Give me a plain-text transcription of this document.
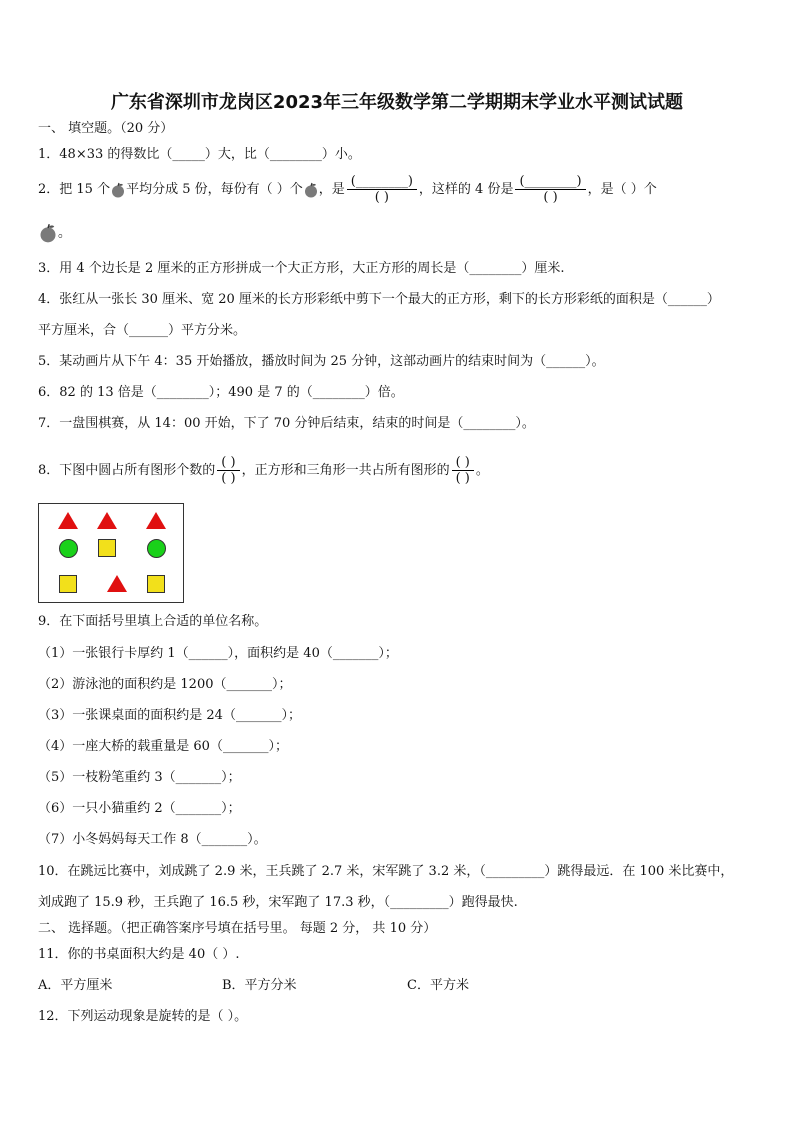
广东省深圳市龙岗区2023年三年级数学第二学期期末学业水平测试试题
一、 填空题。（20 分）
1．48×33 的得数比（_____）大，比（________）小。
2．把 15 个 平均分成 5 份，每份有（ ）个 ，是 $\frac{(\_\_\_\_\_\_\_\_)}{( )}$ ，这样的 4 份是 $\frac{(\_\_\_\_\_\_\_\_)}{( )}$ ，是（ ）个
。
3．用 4 个边长是 2 厘米的正方形拼成一个大正方形，大正方形的周长是（________）厘米.
4．张红从一张长 30 厘米、宽 20 厘米的长方形彩纸中剪下一个最大的正方形，剩下的长方形彩纸的面积是（______）
平方厘米，合（______）平方分米。
5．某动画片从下午 4：35 开始播放，播放时间为 25 分钟，这部动画片的结束时间为（______）。
6．82 的 13 倍是（________）；490 是 7 的（________）倍。
7．一盘围棋赛，从 14：00 开始，下了 70 分钟后结束，结束的时间是（________）。
8．下图中圆占所有图形个数的 $\frac{( )}{( )}$ ，正方形和三角形一共占所有图形的 $\frac{( )}{( )}$ 。
9．在下面括号里填上合适的单位名称。
（1）一张银行卡厚约 1（______），面积约是 40（_______）；
（2）游泳池的面积约是 1200（_______）；
（3）一张课桌面的面积约是 24（_______）；
（4）一座大桥的载重量是 60（_______）；
（5）一枝粉笔重约 3（_______）；
（6）一只小猫重约 2（_______）；
（7）小冬妈妈每天工作 8（_______）。
10．在跳远比赛中，刘成跳了 2.9 米，王兵跳了 2.7 米，宋军跳了 3.2 米，（_________）跳得最远．在 100 米比赛中，
刘成跑了 15.9 秒，王兵跑了 16.5 秒，宋军跑了 17.3 秒，（_________）跑得最快.
二、 选择题。（把正确答案序号填在括号里。 每题 2 分， 共 10 分）
11．你的书桌面积大约是 40（ ）.
A．平方厘米	B．平方分米	C．平方米
12．下列运动现象是旋转的是（ ）。
